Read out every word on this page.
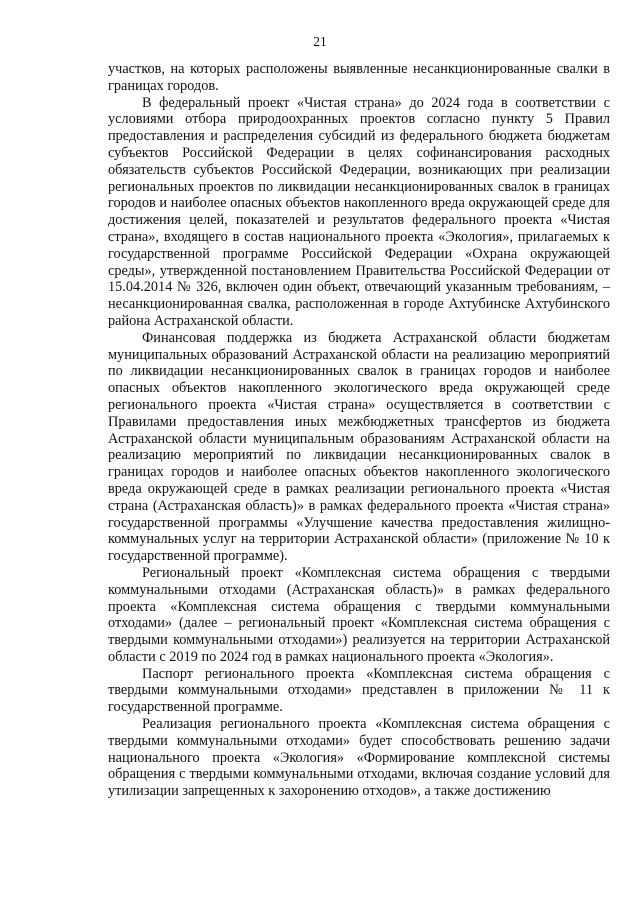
21

участков, на которых расположены выявленные несанкционированные свалки в границах городов.

В федеральный проект «Чистая страна» до 2024 года в соответствии с условиями отбора природоохранных проектов согласно пункту 5 Правил предоставления и распределения субсидий из федерального бюджета бюджетам субъектов Российской Федерации в целях софинансирования расходных обязательств субъектов Российской Федерации, возникающих при реализации региональных проектов по ликвидации несанкционированных свалок в границах городов и наиболее опасных объектов накопленного вреда окружающей среде для достижения целей, показателей и результатов федерального проекта «Чистая страна», входящего в состав национального проекта «Экология», прилагаемых к государственной программе Российской Федерации «Охрана окружающей среды», утвержденной постановлением Правительства Российской Федерации от 15.04.2014 № 326, включен один объект, отвечающий указанным требованиям, – несанкционированная свалка, расположенная в городе Ахтубинске Ахтубинского района Астраханской области.

Финансовая поддержка из бюджета Астраханской области бюджетам муниципальных образований Астраханской области на реализацию мероприятий по ликвидации несанкционированных свалок в границах городов и наиболее опасных объектов накопленного экологического вреда окружающей среде регионального проекта «Чистая страна» осуществляется в соответствии с Правилами предоставления иных межбюджетных трансфертов из бюджета Астраханской области муниципальным образованиям Астраханской области на реализацию мероприятий по ликвидации несанкционированных свалок в границах городов и наиболее опасных объектов накопленного экологического вреда окружающей среде в рамках реализации регионального проекта «Чистая страна (Астраханская область)» в рамках федерального проекта «Чистая страна» государственной программы «Улучшение качества предоставления жилищно-коммунальных услуг на территории Астраханской области» (приложение № 10 к государственной программе).

Региональный проект «Комплексная система обращения с твердыми коммунальными отходами (Астраханская область)» в рамках федерального проекта «Комплексная система обращения с твердыми коммунальными отходами» (далее – региональный проект «Комплексная система обращения с твердыми коммунальными отходами») реализуется на территории Астраханской области с 2019 по 2024 год в рамках национального проекта «Экология».

Паспорт регионального проекта «Комплексная система обращения с твердыми коммунальными отходами» представлен в приложении № 11 к государственной программе.

Реализация регионального проекта «Комплексная система обращения с твердыми коммунальными отходами» будет способствовать решению задачи национального проекта «Экология» «Формирование комплексной системы обращения с твердыми коммунальными отходами, включая создание условий для утилизации запрещенных к захоронению отходов», а также достижению
